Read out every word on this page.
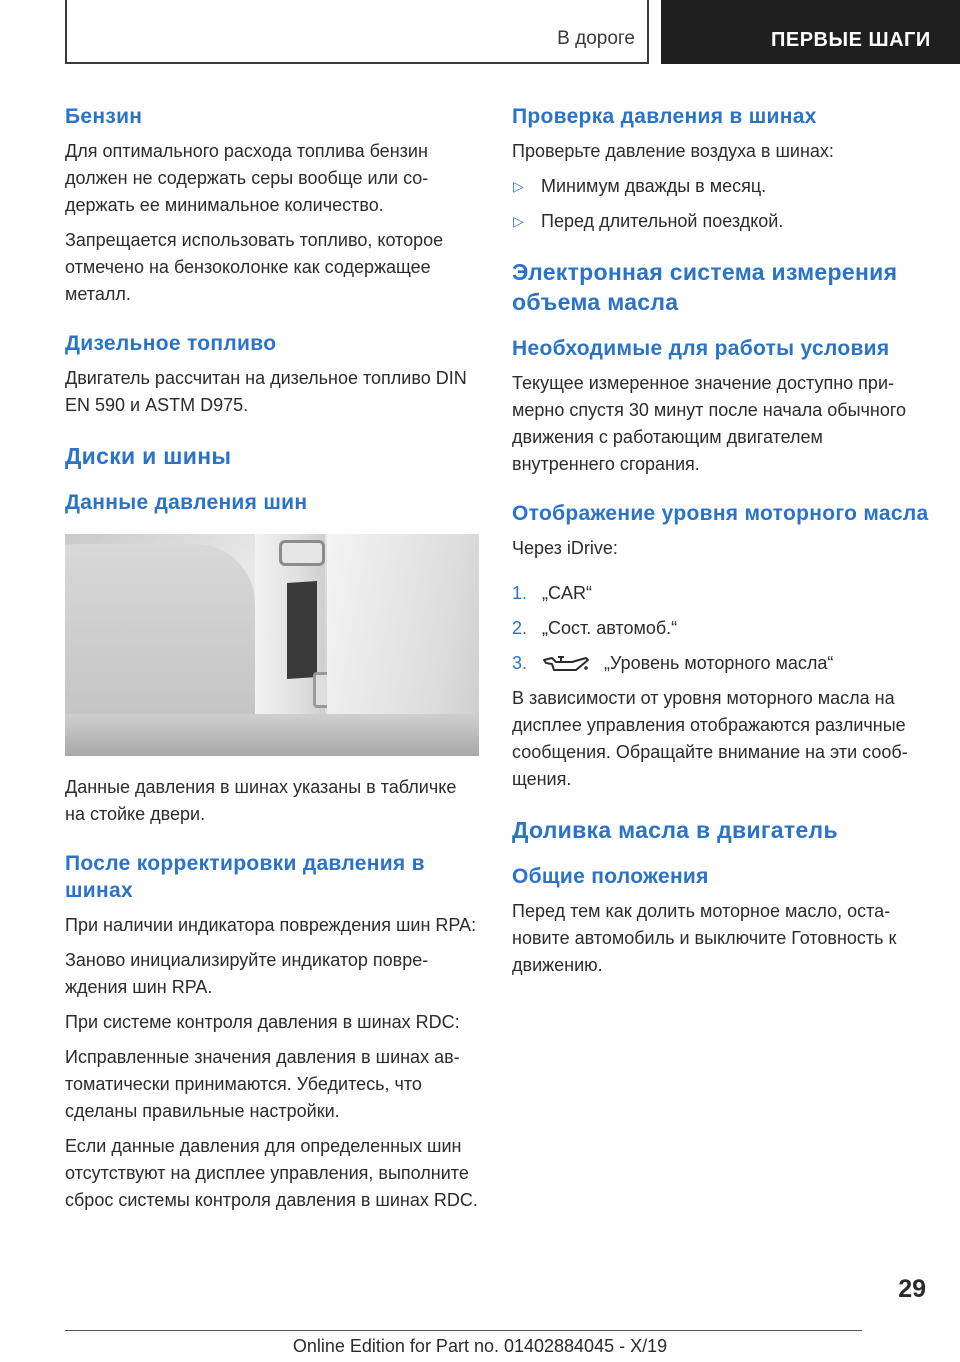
В дороге	ПЕРВЫЕ ШАГИ
Бензин

Для оптимального расхода топлива бензин должен не содержать серы вообще или содержать ее минимальное количество.

Запрещается использовать топливо, которое отмечено на бензоколонке как содержащее металл.

Дизельное топливо

Двигатель рассчитан на дизельное топливо DIN EN 590 и ASTM D975.

Диски и шины
Данные давления шин

Данные давления в шинах указаны в табличке на стойке двери.

После корректировки давления в шинах

При наличии индикатора повреждения шин RPA:

Заново инициализируйте индикатор повреждения шин RPA.

При системе контроля давления в шинах RDC:

Исправленные значения давления в шинах автоматически принимаются. Убедитесь, что сделаны правильные настройки.

Если данные давления для определенных шин отсутствуют на дисплее управления, выполните сброс системы контроля давления в шинах RDC.

Проверка давления в шинах

Проверьте давление воздуха в шинах:

▷ Минимум дважды в месяц.
▷ Перед длительной поездкой.
Электронная система измерения объема масла
Необходимые для работы условия

Текущее измеренное значение доступно примерно спустя 30 минут после начала обычного движения с работающим двигателем внутреннего сгорания.

Отображение уровня моторного масла

Через iDrive:

1. „CAR“
2. „Сост. автомоб.“
3.	„Уровень моторного масла“

В зависимости от уровня моторного масла на дисплее управления отображаются различные сообщения. Обращайте внимание на эти сообщения.

Доливка масла в двигатель
Общие положения

Перед тем как долить моторное масло, остановите автомобиль и выключите Готовность к движению.

29
Online Edition for Part no. 01402884045 - X/19
